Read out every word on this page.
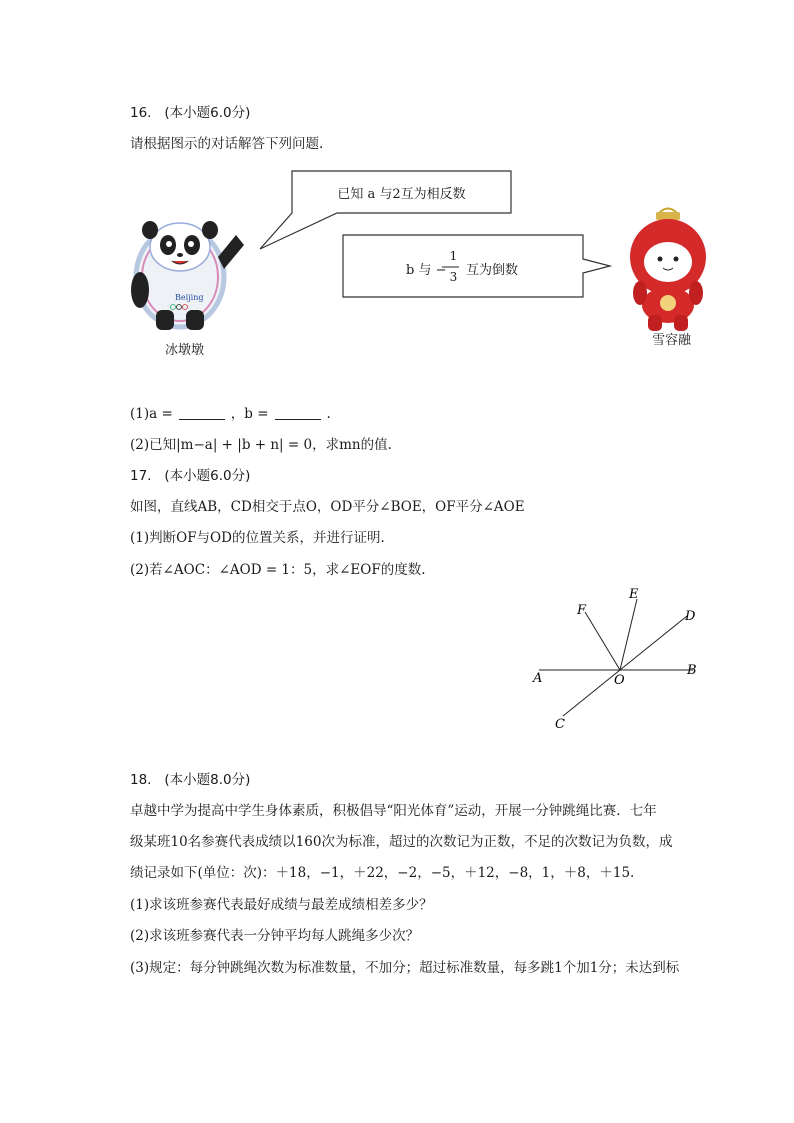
16. (本小题6.0分)
请根据图示的对话解答下列问题.
Beijing
已知 a 与2互为相反数
b 与 −
1
3 互为倒数
冰墩墩
雪容融
(1)a =	，b =	.
(2)已知|m−a| + |b + n| = 0，求mn的值.
17. (本小题6.0分)
如图，直线AB，CD相交于点O，OD平分∠BOE，OF平分∠AOE
(1)判断OF与OD的位置关系，并进行证明.
(2)若∠AOC：∠AOD = 1：5，求∠EOF的度数.
A
B
C
D
E
F
O
18. (本小题8.0分)
卓越中学为提高中学生身体素质，积极倡导“阳光体育”运动，开展一分钟跳绳比赛．七年
级某班10名参赛代表成绩以160次为标准，超过的次数记为正数，不足的次数记为负数，成
绩记录如下(单位：次)：＋18，−1，＋22，−2，−5，＋12，−8，1，＋8，＋15.
(1)求该班参赛代表最好成绩与最差成绩相差多少？
(2)求该班参赛代表一分钟平均每人跳绳多少次？
(3)规定：每分钟跳绳次数为标准数量，不加分；超过标准数量，每多跳1个加1分；未达到标
